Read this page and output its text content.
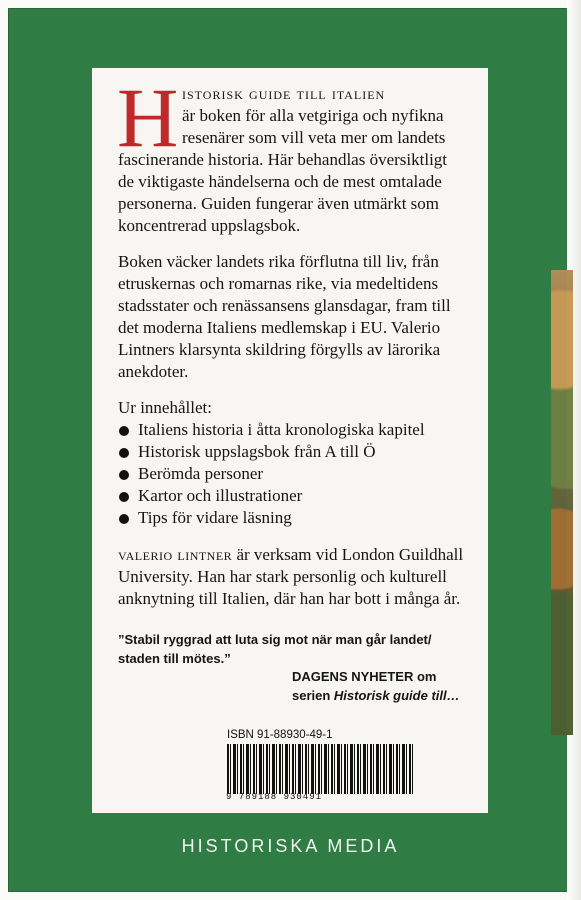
H istorisk guide till italien
är boken för alla vetgiriga och nyfikna
resenärer som vill veta mer om landets
fascinerande historia. Här behandlas översiktligt
de viktigaste händelserna och de mest omtalade
personerna. Guiden fungerar även utmärkt som
koncentrerad uppslagsbok.

Boken väcker landets rika förflutna till liv, från etruskernas och romarnas rike, via medeltidens stadsstater och renässansens glansdagar, fram till det moderna Italiens medlemskap i EU. Valerio Lintners klarsynta skildring förgylls av lärorika anekdoter.

Ur innehållet:

Italiens historia i åtta kronologiska kapitel
Historisk uppslagsbok från A till Ö
Berömda personer
Kartor och illustrationer
Tips för vidare läsning

valerio lintner är verksam vid London Guildhall University. Han har stark personlig och kulturell anknytning till Italien, där han har bott i många år.

”Stabil ryggrad att luta sig mot när man går landet/ staden till mötes.”
DAGENS NYHETER om
serien Historisk guide till…
ISBN 91-88930-49-1
9 789188 930491
HISTORISKA MEDIA
